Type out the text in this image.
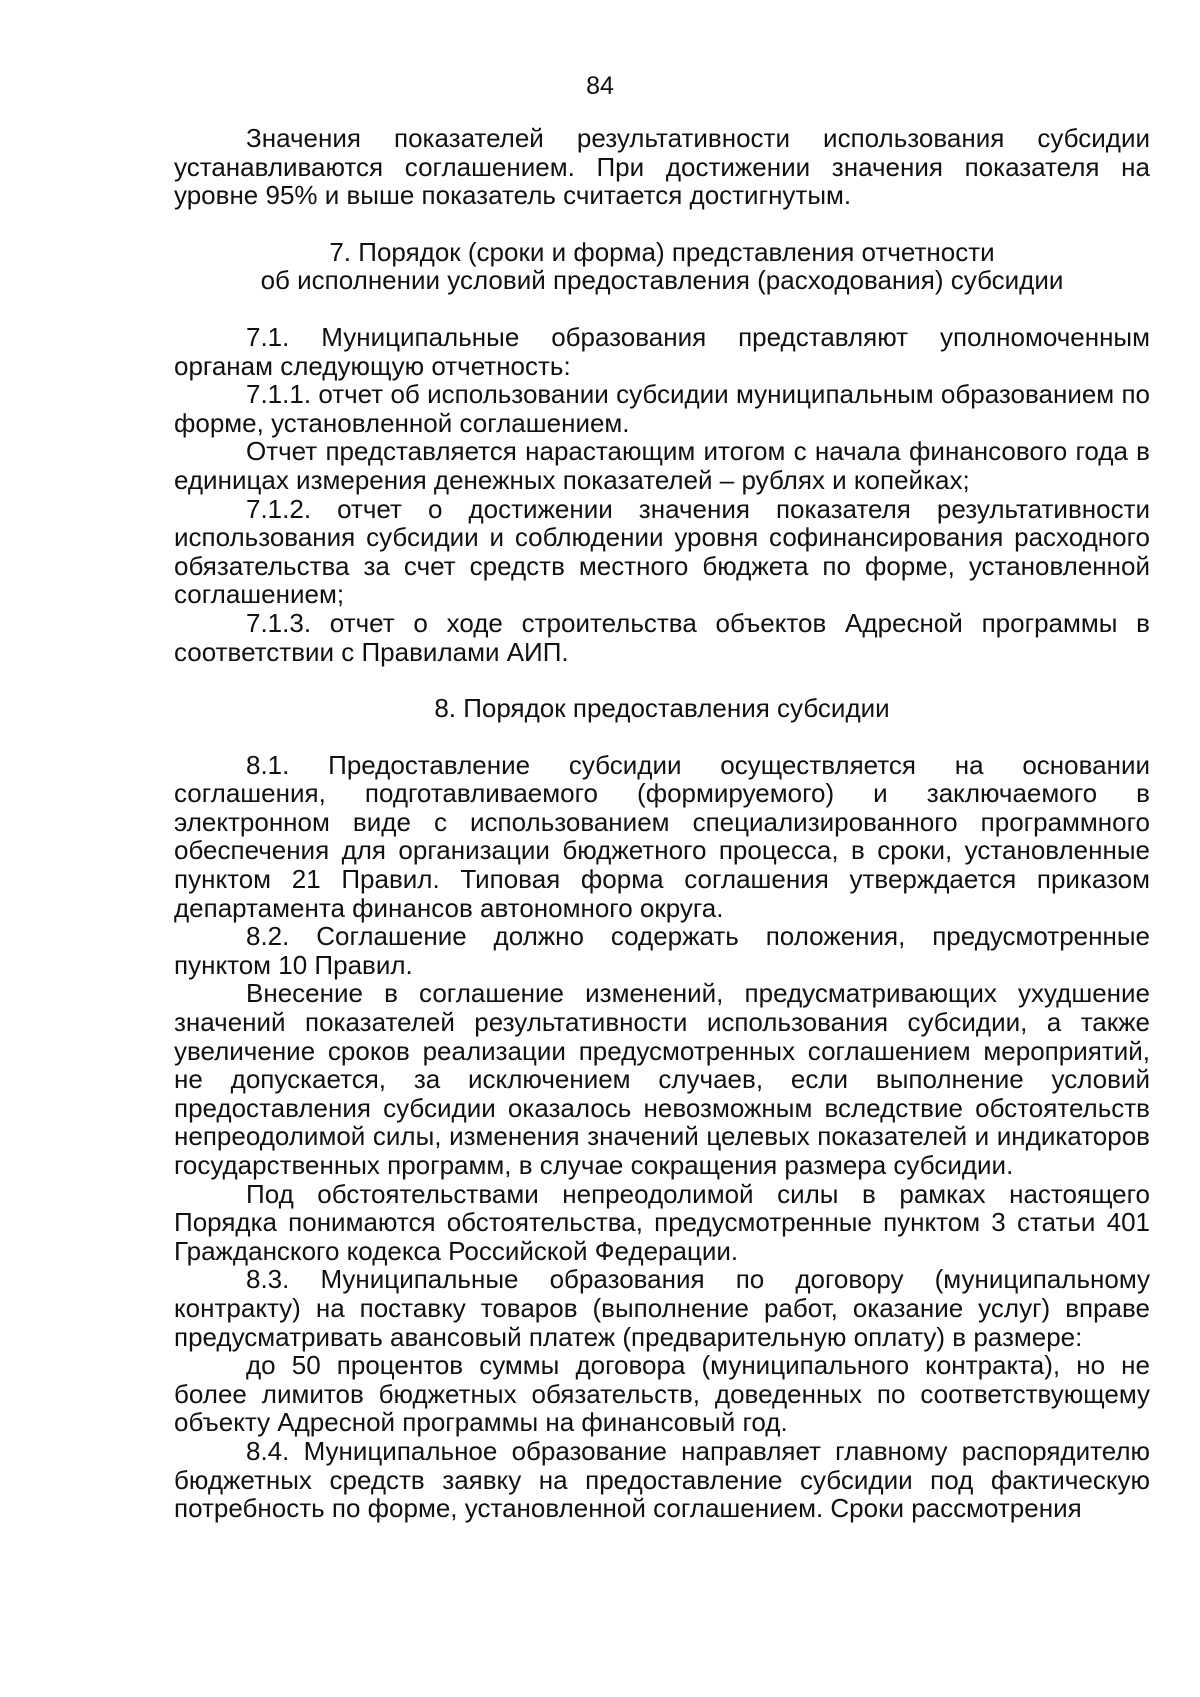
84

Значения показателей результативности использования субсидии устанавливаются соглашением. При достижении значения показателя на уровне 95% и выше показатель считается достигнутым.

7. Порядок (сроки и форма) представления отчетности
об исполнении условий предоставления (расходования) субсидии

7.1. Муниципальные образования представляют уполномоченным органам следующую отчетность:

7.1.1. отчет об использовании субсидии муниципальным образованием по форме, установленной соглашением.

Отчет представляется нарастающим итогом с начала финансового года в единицах измерения денежных показателей – рублях и копейках;

7.1.2. отчет о достижении значения показателя результативности использования субсидии и соблюдении уровня софинансирования расходного обязательства за счет средств местного бюджета по форме, установленной соглашением;

7.1.3. отчет о ходе строительства объектов Адресной программы в соответствии с Правилами АИП.

8. Порядок предоставления субсидии

8.1. Предоставление субсидии осуществляется на основании соглашения, подготавливаемого (формируемого) и заключаемого в электронном виде с использованием специализированного программного обеспечения для организации бюджетного процесса, в сроки, установленные пунктом 21 Правил. Типовая форма соглашения утверждается приказом департамента финансов автономного округа.

8.2. Соглашение должно содержать положения, предусмотренные пунктом 10 Правил.

Внесение в соглашение изменений, предусматривающих ухудшение значений показателей результативности использования субсидии, а также увеличение сроков реализации предусмотренных соглашением мероприятий, не допускается, за исключением случаев, если выполнение условий предоставления субсидии оказалось невозможным вследствие обстоятельств непреодолимой силы, изменения значений целевых показателей и индикаторов государственных программ, в случае сокращения размера субсидии.

Под обстоятельствами непреодолимой силы в рамках настоящего Порядка понимаются обстоятельства, предусмотренные пунктом 3 статьи 401 Гражданского кодекса Российской Федерации.

8.3. Муниципальные образования по договору (муниципальному контракту) на поставку товаров (выполнение работ, оказание услуг) вправе предусматривать авансовый платеж (предварительную оплату) в размере:

до 50 процентов суммы договора (муниципального контракта), но не более лимитов бюджетных обязательств, доведенных по соответствующему объекту Адресной программы на финансовый год.

8.4. Муниципальное образование направляет главному распорядителю бюджетных средств заявку на предоставление субсидии под фактическую потребность по форме, установленной соглашением. Сроки рассмотрения
